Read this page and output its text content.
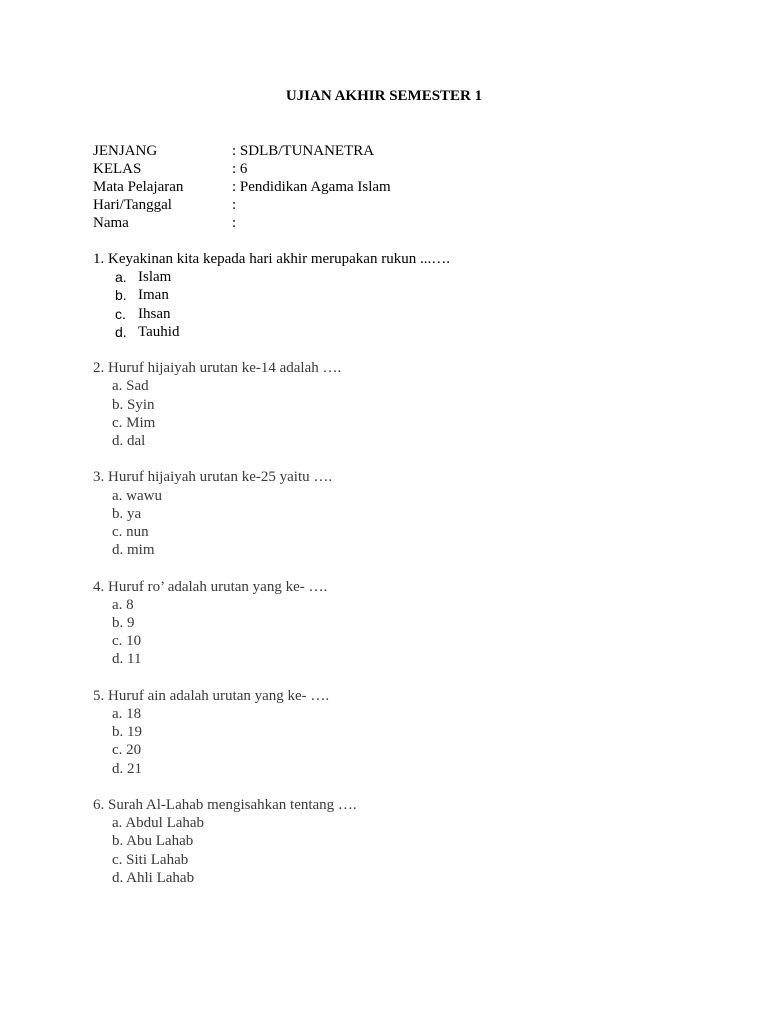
UJIAN AKHIR SEMESTER 1
JENJANG	: SDLB/TUNANETRA
KELAS	: 6
Mata Pelajaran	: Pendidikan Agama Islam
Hari/Tanggal	:
Nama	:
1. Keyakinan kita kepada hari akhir merupakan rukun ...….
a. Islam
b. Iman
c. Ihsan
d. Tauhid
2. Huruf hijaiyah urutan ke-14 adalah ….
a. Sad
b. Syin
c. Mim
d. dal
3. Huruf hijaiyah urutan ke-25 yaitu ….
a. wawu
b. ya
c. nun
d. mim
4. Huruf ro’ adalah urutan yang ke- ….
a. 8
b. 9
c. 10
d. 11
5. Huruf ain adalah urutan yang ke- ….
a. 18
b. 19
c. 20
d. 21
6. Surah Al-Lahab mengisahkan tentang ….
a. Abdul Lahab
b. Abu Lahab
c. Siti Lahab
d. Ahli Lahab
